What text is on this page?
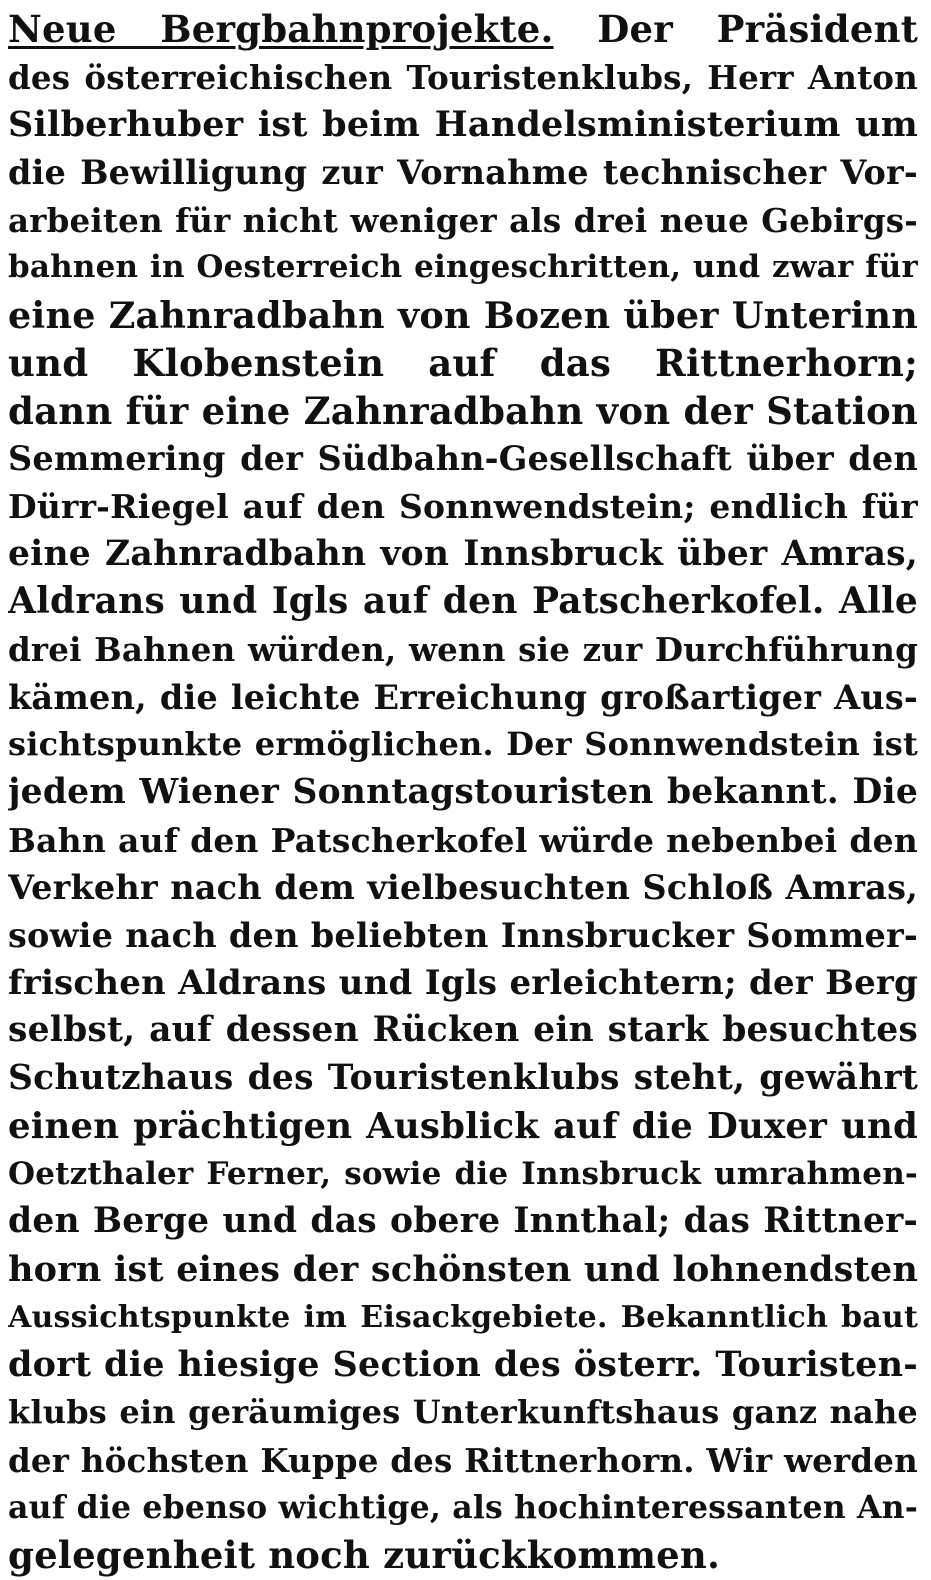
Neue Bergbahnprojekte. Der Präsident
des österreichischen Touristenklubs, Herr Anton
Silberhuber ist beim Handelsministerium um
die Bewilligung zur Vornahme technischer Vor-
arbeiten für nicht weniger als drei neue Gebirgs-
bahnen in Oesterreich eingeschritten, und zwar für
eine Zahnradbahn von Bozen über Unterinn
und Klobenstein auf das Rittnerhorn;
dann für eine Zahnradbahn von der Station
Semmering der Südbahn-Gesellschaft über den
Dürr-Riegel auf den Sonnwendstein; endlich für
eine Zahnradbahn von Innsbruck über Amras,
Aldrans und Igls auf den Patscherkofel. Alle
drei Bahnen würden, wenn sie zur Durchführung
kämen, die leichte Erreichung großartiger Aus-
sichtspunkte ermöglichen. Der Sonnwendstein ist
jedem Wiener Sonntagstouristen bekannt. Die
Bahn auf den Patscherkofel würde nebenbei den
Verkehr nach dem vielbesuchten Schloß Amras,
sowie nach den beliebten Innsbrucker Sommer-
frischen Aldrans und Igls erleichtern; der Berg
selbst, auf dessen Rücken ein stark besuchtes
Schutzhaus des Touristenklubs steht, gewährt
einen prächtigen Ausblick auf die Duxer und
Oetzthaler Ferner, sowie die Innsbruck umrahmen-
den Berge und das obere Innthal; das Rittner-
horn ist eines der schönsten und lohnendsten
Aussichtspunkte im Eisackgebiete. Bekanntlich baut
dort die hiesige Section des österr. Touristen-
klubs ein geräumiges Unterkunftshaus ganz nahe
der höchsten Kuppe des Rittnerhorn. Wir werden
auf die ebenso wichtige, als hochinteressanten An-
gelegenheit noch zurückkommen.
